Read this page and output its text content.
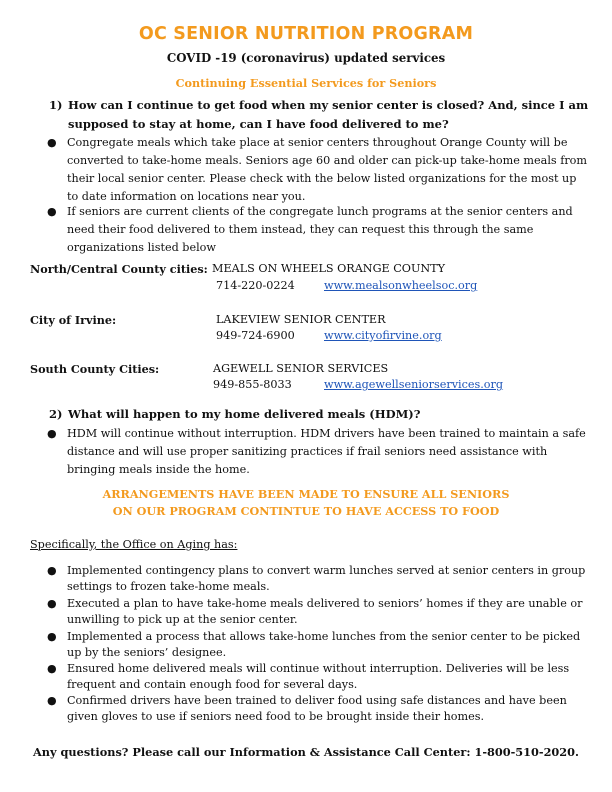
OC SENIOR NUTRITION PROGRAM
COVID -19 (coronavirus) updated services
Continuing Essential Services for Seniors
1) How can I continue to get food when my senior center is closed? And, since I am
supposed to stay at home, can I have food delivered to me?
● Congregate meals which take place at senior centers throughout Orange County will be
converted to take-home meals. Seniors age 60 and older can pick-up take-home meals from
their local senior center. Please check with the below listed organizations for the most up
to date information on locations near you.
● If seniors are current clients of the congregate lunch programs at the senior centers and
need their food delivered to them instead, they can request this through the same
organizations listed below
North/Central County cities: MEALS ON WHEELS ORANGE COUNTY
714-220-0224	www.mealsonwheelsoc.org
City of Irvine:	LAKEVIEW SENIOR CENTER
949-724-6900	www.cityofirvine.org
South County Cities:	AGEWELL SENIOR SERVICES
949-855-8033	www.agewellseniorservices.org
2) What will happen to my home delivered meals (HDM)?
● HDM will continue without interruption. HDM drivers have been trained to maintain a safe
distance and will use proper sanitizing practices if frail seniors need assistance with
bringing meals inside the home.
ARRANGEMENTS HAVE BEEN MADE TO ENSURE ALL SENIORS
ON OUR PROGRAM CONTINTUE TO HAVE ACCESS TO FOOD
Specifically, the Office on Aging has:
● Implemented contingency plans to convert warm lunches served at senior centers in group
settings to frozen take-home meals.
● Executed a plan to have take-home meals delivered to seniors’ homes if they are unable or
unwilling to pick up at the senior center.
● Implemented a process that allows take-home lunches from the senior center to be picked
up by the seniors’ designee.
● Ensured home delivered meals will continue without interruption. Deliveries will be less
frequent and contain enough food for several days.
● Confirmed drivers have been trained to deliver food using safe distances and have been
given gloves to use if seniors need food to be brought inside their homes.
Any questions? Please call our Information & Assistance Call Center: 1-800-510-2020.
